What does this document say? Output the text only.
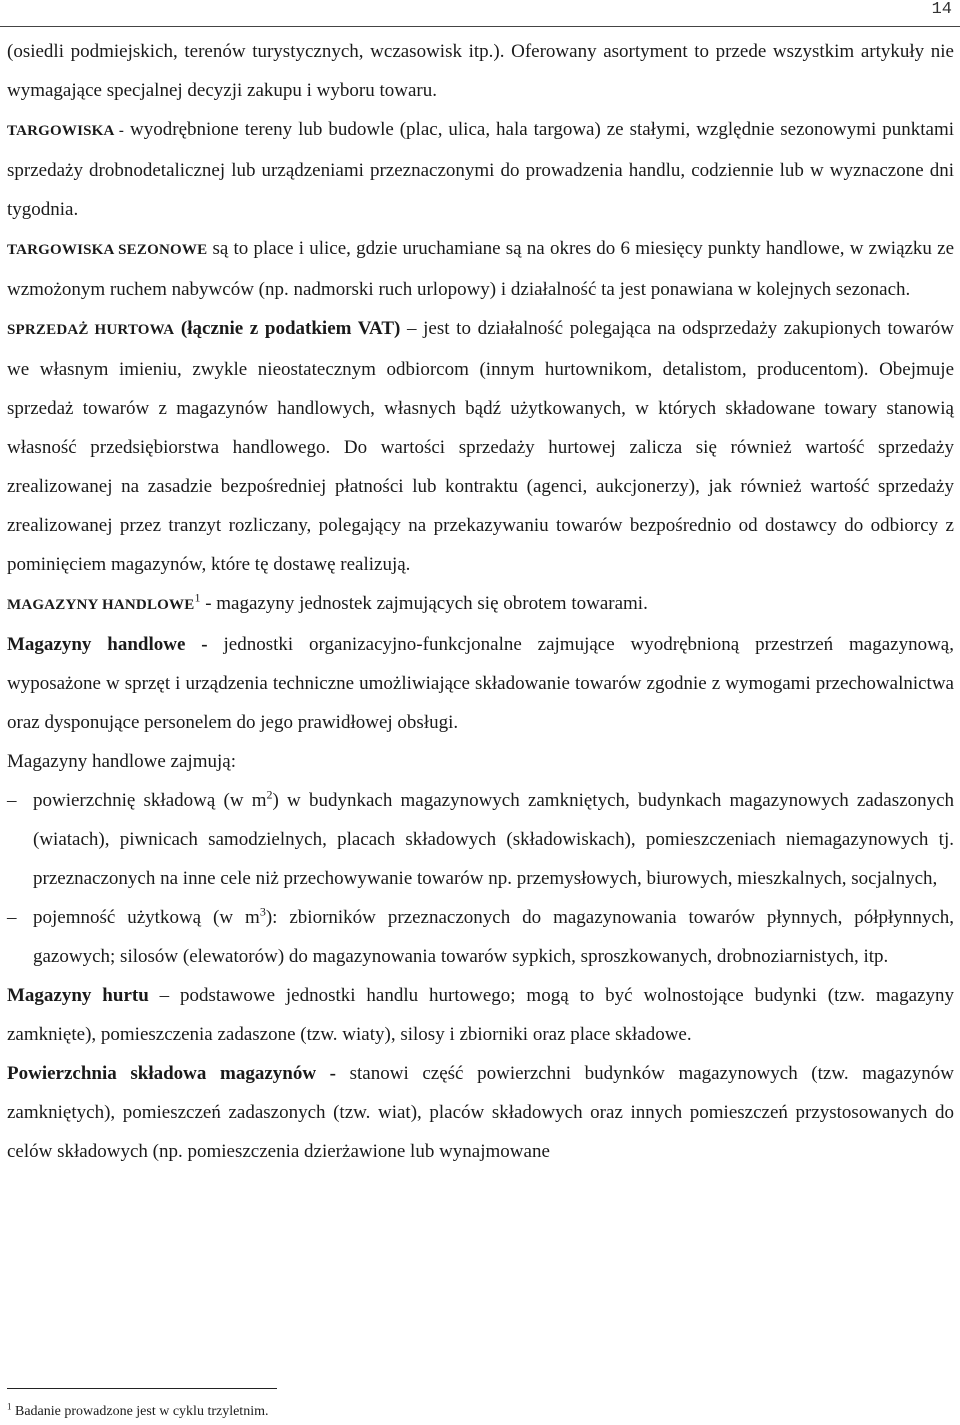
14

(osiedli podmiejskich, terenów turystycznych, wczasowisk itp.). Oferowany asortyment to przede wszystkim artykuły nie wymagające specjalnej decyzji zakupu i wyboru towaru.

TARGOWISKA - wyodrębnione tereny lub budowle (plac, ulica, hala targowa) ze stałymi, względnie sezonowymi punktami sprzedaży drobnodetalicznej lub urządzeniami przeznaczonymi do prowadzenia handlu, codziennie lub w wyznaczone dni tygodnia.

TARGOWISKA SEZONOWE są to place i ulice, gdzie uruchamiane są na okres do 6 miesięcy punkty handlowe, w związku ze wzmożonym ruchem nabywców (np. nadmorski ruch urlopowy) i działalność ta jest ponawiana w kolejnych sezonach.

SPRZEDAŻ HURTOWA (łącznie z podatkiem VAT) – jest to działalność polegająca na odsprzedaży zakupionych towarów we własnym imieniu, zwykle nieostatecznym odbiorcom (innym hurtownikom, detalistom, producentom). Obejmuje sprzedaż towarów z magazynów handlowych, własnych bądź użytkowanych, w których składowane towary stanowią własność przedsiębiorstwa handlowego. Do wartości sprzedaży hurtowej zalicza się również wartość sprzedaży zrealizowanej na zasadzie bezpośredniej płatności lub kontraktu (agenci, aukcjonerzy), jak również wartość sprzedaży zrealizowanej przez tranzyt rozliczany, polegający na przekazywaniu towarów bezpośrednio od dostawcy do odbiorcy z pominięciem magazynów, które tę dostawę realizują.

MAGAZYNY HANDLOWE$^1$ - magazyny jednostek zajmujących się obrotem towarami.

Magazyny handlowe - jednostki organizacyjno-funkcjonalne zajmujące wyodrębnioną przestrzeń magazynową, wyposażone w sprzęt i urządzenia techniczne umożliwiające składowanie towarów zgodnie z wymogami przechowalnictwa oraz dysponujące personelem do jego prawidłowej obsługi.

Magazyny handlowe zajmują:

– powierzchnię składową (w $m^2$) w budynkach magazynowych zamkniętych, budynkach magazynowych zadaszonych (wiatach), piwnicach samodzielnych, placach składowych (składowiskach), pomieszczeniach niemagazynowych tj. przeznaczonych na inne cele niż przechowywanie towarów np. przemysłowych, biurowych, mieszkalnych, socjalnych,
– pojemność użytkową (w $m^3$): zbiorników przeznaczonych do magazynowania towarów płynnych, półpłynnych, gazowych; silosów (elewatorów) do magazynowania towarów sypkich, sproszkowanych, drobnoziarnistych, itp.

Magazyny hurtu – podstawowe jednostki handlu hurtowego; mogą to być wolnostojące budynki (tzw. magazyny zamknięte), pomieszczenia zadaszone (tzw. wiaty), silosy i zbiorniki oraz place składowe.

Powierzchnia składowa magazynów - stanowi część powierzchni budynków magazynowych (tzw. magazynów zamkniętych), pomieszczeń zadaszonych (tzw. wiat), placów składowych oraz innych pomieszczeń przystosowanych do celów składowych (np. pomieszczenia dzierżawione lub wynajmowane

$^1$ Badanie prowadzone jest w cyklu trzyletnim.
